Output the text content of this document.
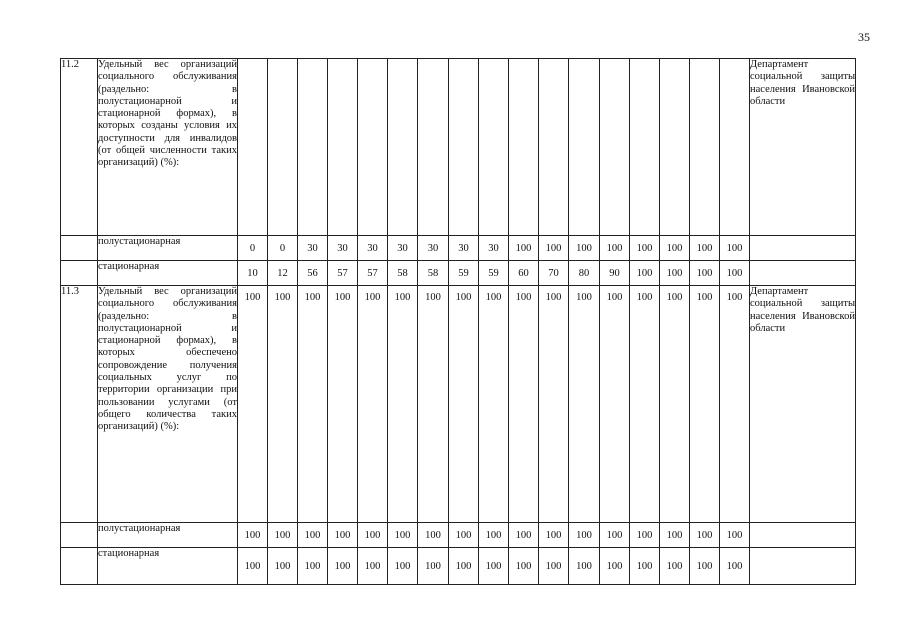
35
11.2	Удельный вес организаций социального обслуживания (раздельно: в полустационарной и стационарной формах), в которых созданы условия их доступности для инвалидов (от общей численности таких организаций) (%):																		Департамент социальной защиты населения Ивановской области
	полустационарная	0	0	30	30	30	30	30	30	30	100	100	100	100	100	100	100	100	
	стационарная	10	12	56	57	57	58	58	59	59	60	70	80	90	100	100	100	100	
11.3	Удельный вес организаций социального обслуживания (раздельно: в полустационарной и стационарной формах), в которых обеспечено сопровождение получения социальных услуг по территории организации при пользовании услугами (от общего количества таких организаций) (%):	100	100	100	100	100	100	100	100	100	100	100	100	100	100	100	100	100	Департамент социальной защиты населения Ивановской области
	полустационарная	100	100	100	100	100	100	100	100	100	100	100	100	100	100	100	100	100	
	стационарная	100	100	100	100	100	100	100	100	100	100	100	100	100	100	100	100	100	
